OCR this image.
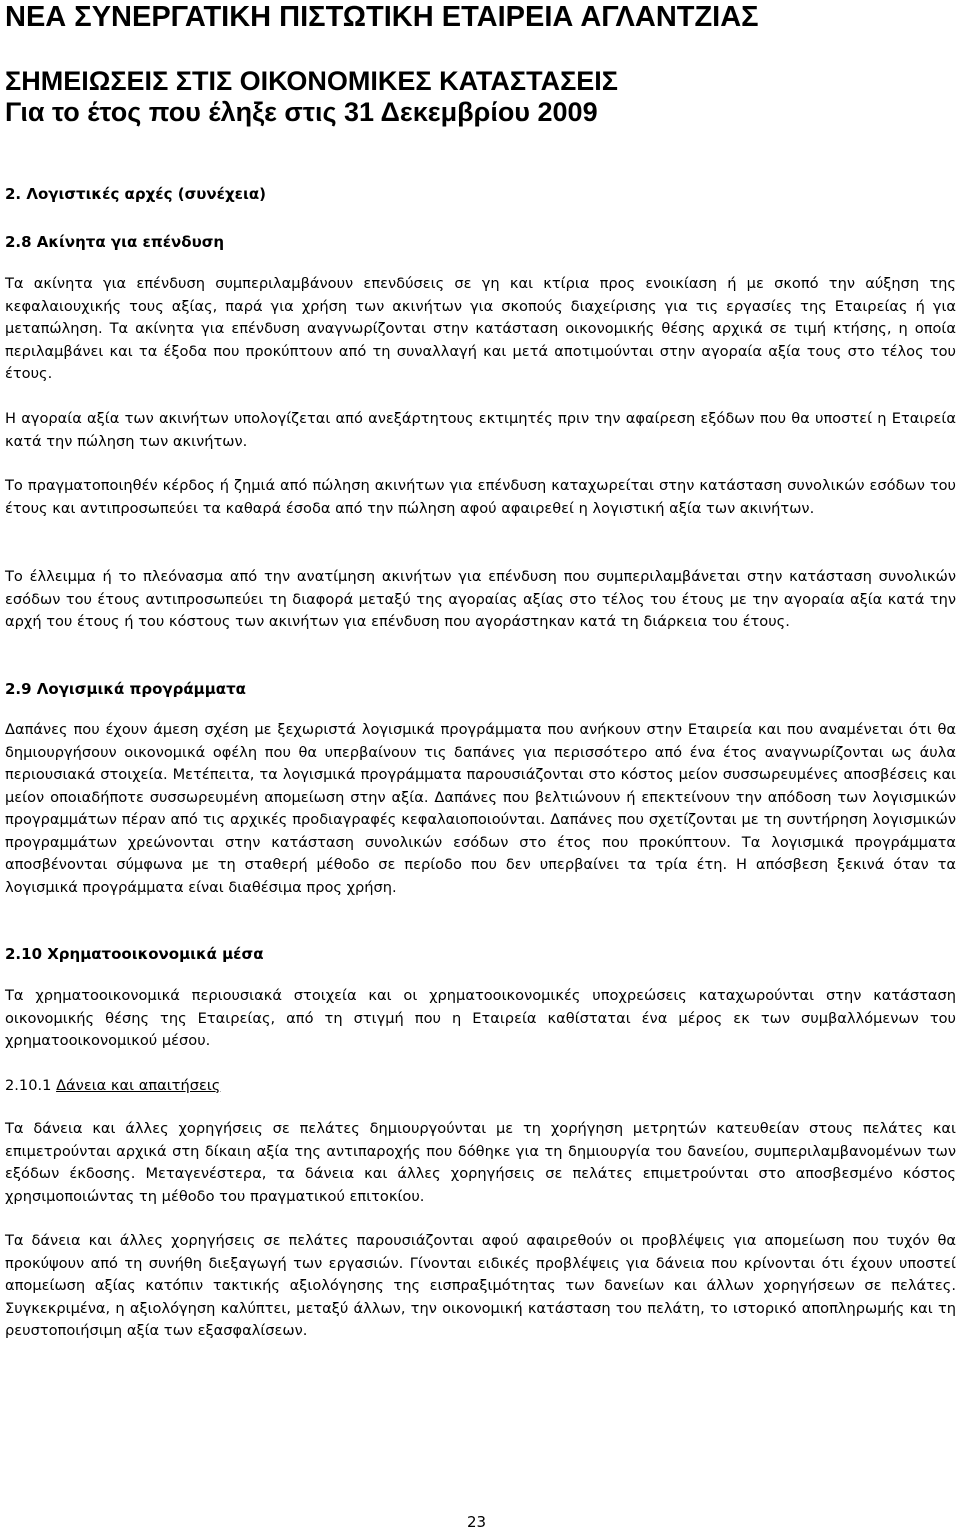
ΝΕΑ ΣΥΝΕΡΓΑΤΙΚΗ ΠΙΣΤΩΤΙΚΗ ΕΤΑΙΡΕΙΑ ΑΓΛΑΝΤΖΙΑΣ
ΣΗΜΕΙΩΣΕΙΣ ΣΤΙΣ ΟΙΚΟΝΟΜΙΚΕΣ ΚΑΤΑΣΤΑΣΕΙΣ
Για το έτος που έληξε στις 31 Δεκεμβρίου 2009
2. Λογιστικές αρχές (συνέχεια)
2.8 Ακίνητα για επένδυση

Τα ακίνητα για επένδυση συμπεριλαμβάνουν επενδύσεις σε γη και κτίρια προς ενοικίαση ή με σκοπό την αύξηση της κεφαλαιουχικής τους αξίας, παρά για χρήση των ακινήτων για σκοπούς διαχείρισης για τις εργασίες της Εταιρείας ή για μεταπώληση. Τα ακίνητα για επένδυση αναγνωρίζονται στην κατάσταση οικονομικής θέσης αρχικά σε τιμή κτήσης, η οποία περιλαμβάνει και τα έξοδα που προκύπτουν από τη συναλλαγή και μετά αποτιμούνται στην αγοραία αξία τους στο τέλος του έτους.

Η αγοραία αξία των ακινήτων υπολογίζεται από ανεξάρτητους εκτιμητές πριν την αφαίρεση εξόδων που θα υποστεί η Εταιρεία κατά την πώληση των ακινήτων.

Το πραγματοποιηθέν κέρδος ή ζημιά από πώληση ακινήτων για επένδυση καταχωρείται στην κατάσταση συνολικών εσόδων του έτους και αντιπροσωπεύει τα καθαρά έσοδα από την πώληση αφού αφαιρεθεί η λογιστική αξία των ακινήτων.

Το έλλειμμα ή το πλεόνασμα από την ανατίμηση ακινήτων για επένδυση που συμπεριλαμβάνεται στην κατάσταση συνολικών εσόδων του έτους αντιπροσωπεύει τη διαφορά μεταξύ της αγοραίας αξίας στο τέλος του έτους με την αγοραία αξία κατά την αρχή του έτους ή του κόστους των ακινήτων για επένδυση που αγοράστηκαν κατά τη διάρκεια του έτους.

2.9 Λογισμικά προγράμματα

Δαπάνες που έχουν άμεση σχέση με ξεχωριστά λογισμικά προγράμματα που ανήκουν στην Εταιρεία και που αναμένεται ότι θα δημιουργήσουν οικονομικά οφέλη που θα υπερβαίνουν τις δαπάνες για περισσότερο από ένα έτος αναγνωρίζονται ως άυλα περιουσιακά στοιχεία. Μετέπειτα, τα λογισμικά προγράμματα παρουσιάζονται στο κόστος μείον συσσωρευμένες αποσβέσεις και μείον οποιαδήποτε συσσωρευμένη απομείωση στην αξία. Δαπάνες που βελτιώνουν ή επεκτείνουν την απόδοση των λογισμικών προγραμμάτων πέραν από τις αρχικές προδιαγραφές κεφαλαιοποιούνται. Δαπάνες που σχετίζονται με τη συντήρηση λογισμικών προγραμμάτων χρεώνονται στην κατάσταση συνολικών εσόδων στο έτος που προκύπτουν. Τα λογισμικά προγράμματα αποσβένονται σύμφωνα με τη σταθερή μέθοδο σε περίοδο που δεν υπερβαίνει τα τρία έτη. Η απόσβεση ξεκινά όταν τα λογισμικά προγράμματα είναι διαθέσιμα προς χρήση.

2.10 Χρηματοοικονομικά μέσα

Τα χρηματοοικονομικά περιουσιακά στοιχεία και οι χρηματοοικονομικές υποχρεώσεις καταχωρούνται στην κατάσταση οικονομικής θέσης της Εταιρείας, από τη στιγμή που η Εταιρεία καθίσταται ένα μέρος εκ των συμβαλλόμενων του χρηματοοικονομικού μέσου.

2.10.1 Δάνεια και απαιτήσεις

Τα δάνεια και άλλες χορηγήσεις σε πελάτες δημιουργούνται με τη χορήγηση μετρητών κατευθείαν στους πελάτες και επιμετρούνται αρχικά στη δίκαιη αξία της αντιπαροχής που δόθηκε για τη δημιουργία του δανείου, συμπεριλαμβανομένων των εξόδων έκδοσης. Μεταγενέστερα, τα δάνεια και άλλες χορηγήσεις σε πελάτες επιμετρούνται στο αποσβεσμένο κόστος χρησιμοποιώντας τη μέθοδο του πραγματικού επιτοκίου.

Τα δάνεια και άλλες χορηγήσεις σε πελάτες παρουσιάζονται αφού αφαιρεθούν οι προβλέψεις για απομείωση που τυχόν θα προκύψουν από τη συνήθη διεξαγωγή των εργασιών. Γίνονται ειδικές προβλέψεις για δάνεια που κρίνονται ότι έχουν υποστεί απομείωση αξίας κατόπιν τακτικής αξιολόγησης της εισπραξιμότητας των δανείων και άλλων χορηγήσεων σε πελάτες. Συγκεκριμένα, η αξιολόγηση καλύπτει, μεταξύ άλλων, την οικονομική κατάσταση του πελάτη, το ιστορικό αποπληρωμής και τη ρευστοποιήσιμη αξία των εξασφαλίσεων.

23
